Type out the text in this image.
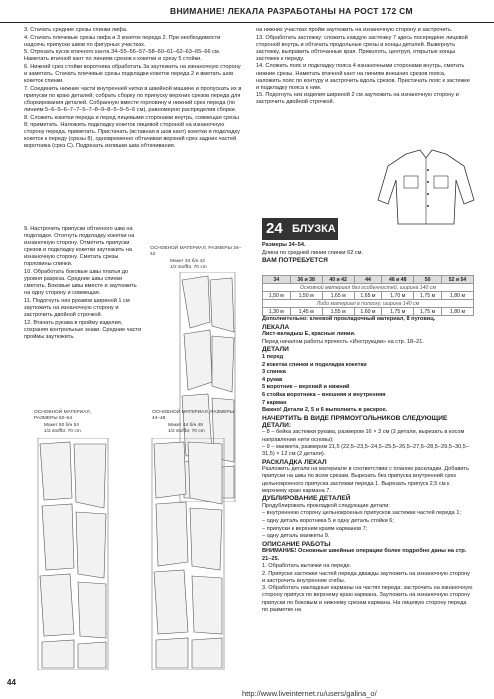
ВНИМАНИЕ! ЛЕКАЛА РАЗРАБОТАНЫ НА РОСТ 172 СМ

3. Стачать средние срезы спинки лифа.

4. Стачать плечевые срезы лифа и 3 кокеток переда 2. При необходимости надсечь припуски швов по фигурных участках.

5. Отрезать кусок втачного канта 34–55–56–57–58–60–61–62–63–65–66 см. Наметать втачной кант по линиям срезов к кокетки и срезу 5 стойки.

6. Нижний срез стойки воротника обработать 3а заутюжить на изнаночную сторону и заметать. Стачать плечевые срезы подкладки кокеток переда 2 и вметать шов кокеток спинки.

7. Соединить нижние части внутренней нитки в швейной машине и пропускать их в припуски по краю деталей; собрать сборку по припуску верхних срезов переда для сборкирования деталей. Собранную вместе горловину и нижний срез переда (по линиям 5–6–5–6–7–7–5–7–8–9–8–5–9–5–6 см), равномерно распределив сборки.

8. Сложить кокетки переда и перед лицевыми сторонами внутрь, совмещая срезы 8; приметать. Наложить подкладку кокеток лицевой стороной на изнаночную сторону переда, приметать. Пристачать (вставная в шов кант) кокетки и подкладку кокеток к переду (срезы 8), одновременно обтачивая верхний срез задних частей воротника (срез С). Подрезать излишки шва обтачивания.

9. Настрочить припуски обтачного шва на подкладке. Отогнуть подкладку кокетки на изнаночную сторону. Отметить припуски срезов и подкладку кокетки заутюжить на изнаночную сторону. Сметать срезы горловины спинки.

10. Обработать боковые швы платья до уровня разреза. Средние швы спинки сметать. Боковые швы вместе и заутюжить на одну сторону и совмещая.

11. Подогнуть низ рукавов шириной 1 см заутюжить на изнаночную сторону и застрочить двойной строчкой.

12. Втачать рукава в пройму изделия, сохраняя контрольные знаки. Средние части проймы заутюжить.

ОСНОВНОЙ МАТЕРИАЛ, РАЗМЕРЫ 34–42
Макет 34 б/н 42
1/2 stoffbr. 70 cm
ОСНОВНОЙ МАТЕРИАЛ, РАЗМЕРЫ 50–54
Макет 50 б/н 54
1/2 stoffbr. 70 cm
ОСНОВНОЙ МАТЕРИАЛ, РАЗМЕРЫ 44–48
Макет 44 б/н 48
1/2 stoffbr. 70 cm

на нижних участках пройм заутюжить на изнаночную сторону и застрочить.

13. Обработать застежку: сложить каждую застежку 7 здесь посередине лицевой стороной внутрь и обтачать продольные срезы и концы деталей. Вывернуть застежку, выправить обточанные края. Приколоть, центруя, открытые концы застежек к переду.

14. Сложить пояс и подкладку пояса 4 изнаночными сторонами внутрь, сметать нижние срезы. Наметать втачной кант на линиям внешних срезов пояса, наложить пояс по контуру и застрочить вдоль срезов. Пристачать пояс к застежке и подкладку пояса к ним.

15. Подогнуть низ изделия шириной 2 см заутюжить на изнаночную сторону и застрочить двойной строчкой.

24 БЛУЗКА

Размеры 34–54.

Длина по средней линии спинки 62 см.

ВАМ ПОТРЕБУЕТСЯ

34	36 и 38	40 и 42	44	46 и 48	50	52 и 54
Основной материал без особенностей, ширина 140 см						
1,50 м	1,50 м	1,65 м	1,65 м	1,70 м	1,75 м	1,80 м
Либо материал в полоску, ширина 140 см						
1,30 м	1,45 м	1,55 м	1,60 м	1,75 м	1,75 м	1,80 м

Дополнительно: клеевой прокладочный материал, 8 пуговиц.

ЛЕКАЛА

Лист-вкладыш Е, красные линии.

Перед началом работы прочесть «Инструкции» на стр. 18–21.

ДЕТАЛИ

1 перед

2 кокетка спинки и подкладка кокетки

3 спинка

4 рукав

5 воротник – верхний и нижний

6 стойка воротника – внешняя и внутренняя

7 карман

Важно! Детали 2, 5 и 6 выполнить в раскрое.

НАЧЕРТИТЬ В ВИДЕ ПРЯМОУГОЛЬНИКОВ СЛЕДУЮЩИЕ ДЕТАЛИ:

– 8 – бейка застежки рукава, размером 16 × 3 см (2 детали, вырезать в косом направлении нити основы);

– 9 – манжета, размером 21,5 (22,5–23,5–24,5–25,5–26,5–27,5–28,5–29,5–30,5–31,5) × 12 см (2 детали).

РАСКЛАДКА ЛЕКАЛ

Разложить детали на материале в соответствии с планом раскладки. Добавить припуски на швы по всем срезам. Вырезать без припуска внутренний срез цельнокроеного припуска застежки переда 1. Вырезать припуск 2,5 см к верхнему краю кармана 7.

ДУБЛИРОВАНИЕ ДЕТАЛЕЙ

Продублировать прокладкой следующие детали:

– внутреннюю сторону цельнокроеных припусков застежки частей переда 1;

– одну деталь воротника 5 и одну деталь стойки 6;

– припуски к верхним краям карманов 7;

– одну деталь манжеты 9.

ОПИСАНИЕ РАБОТЫ

ВНИМАНИЕ! Основные швейные операции более подробно даны на стр. 21–25.

1. Обработать вытачки на переде.

2. Припуски застежки частей переда дважды заутюжить на изнаночную сторону и застрочить внутренние сгибы.

3. Обработать накладные карманы на частях переда: застрочить на изнаночную сторону припуск по верхнему краю кармана. Заутюжить на изнаночную сторону припуски по боковым и нижнему срезам кармана. На лицевую сторону переда по разметке на

44
http://www.liveinternet.ru/users/galina_o/
